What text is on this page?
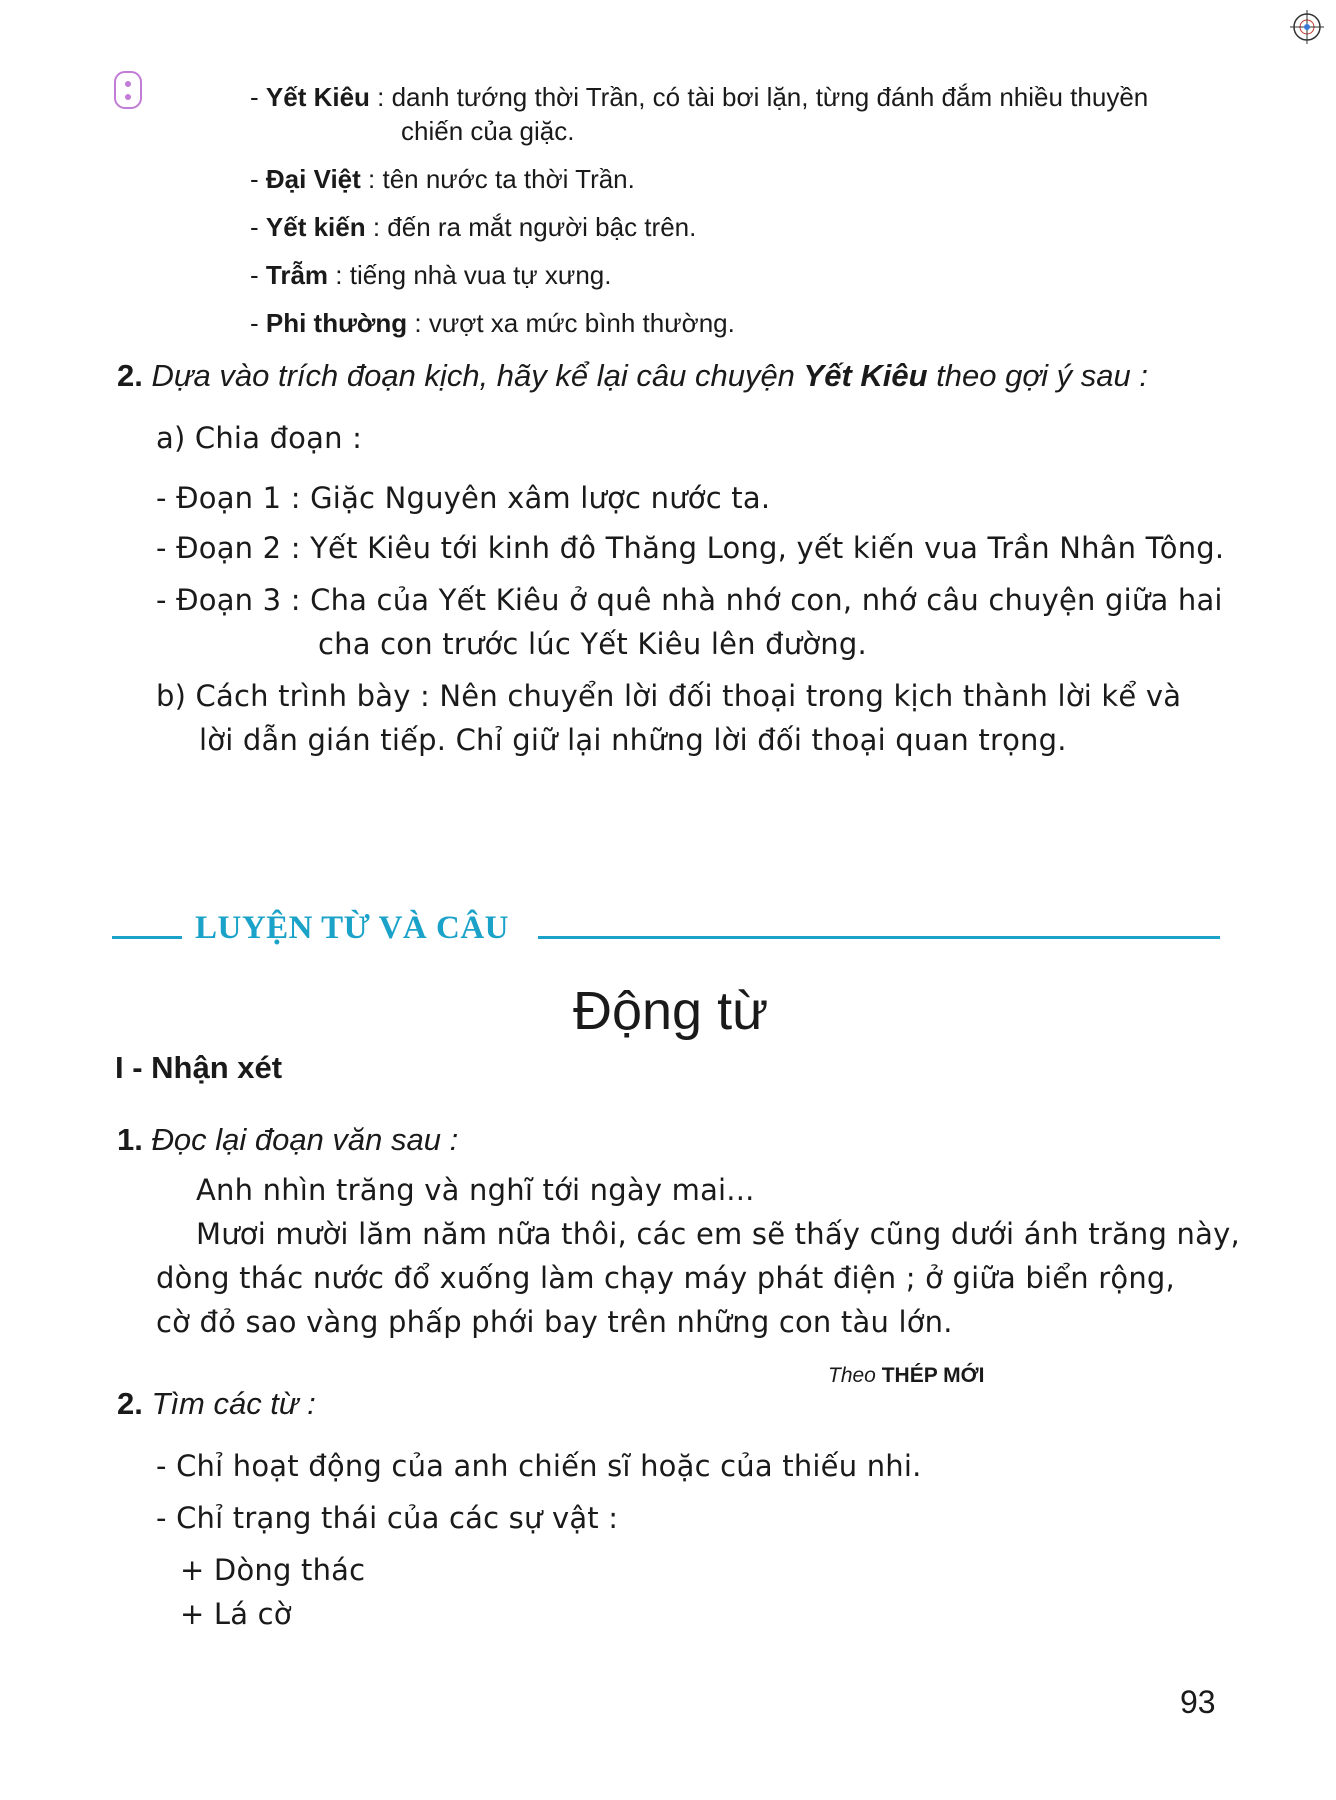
- Yết Kiêu : danh tướng thời Trần, có tài bơi lặn, từng đánh đắm nhiều thuyền
chiến của giặc.
- Đại Việt : tên nước ta thời Trần.
- Yết kiến : đến ra mắt người bậc trên.
- Trẫm : tiếng nhà vua tự xưng.
- Phi thường : vượt xa mức bình thường.
2. Dựa vào trích đoạn kịch, hãy kể lại câu chuyện Yết Kiêu theo gợi ý sau :
a) Chia đoạn :
- Đoạn 1 : Giặc Nguyên xâm lược nước ta.
- Đoạn 2 : Yết Kiêu tới kinh đô Thăng Long, yết kiến vua Trần Nhân Tông.
- Đoạn 3 : Cha của Yết Kiêu ở quê nhà nhớ con, nhớ câu chuyện giữa hai
cha con trước lúc Yết Kiêu lên đường.
b) Cách trình bày : Nên chuyển lời đối thoại trong kịch thành lời kể và
lời dẫn gián tiếp. Chỉ giữ lại những lời đối thoại quan trọng.
LUYỆN TỪ VÀ CÂU
Động từ
I - Nhận xét
1. Đọc lại đoạn văn sau :
Anh nhìn trăng và nghĩ tới ngày mai...
Mươi mười lăm năm nữa thôi, các em sẽ thấy cũng dưới ánh trăng này,
dòng thác nước đổ xuống làm chạy máy phát điện ; ở giữa biển rộng,
cờ đỏ sao vàng phấp phới bay trên những con tàu lớn.
Theo THÉP MỚI
2. Tìm các từ :
- Chỉ hoạt động của anh chiến sĩ hoặc của thiếu nhi.
- Chỉ trạng thái của các sự vật :
+ Dòng thác
+ Lá cờ
93
